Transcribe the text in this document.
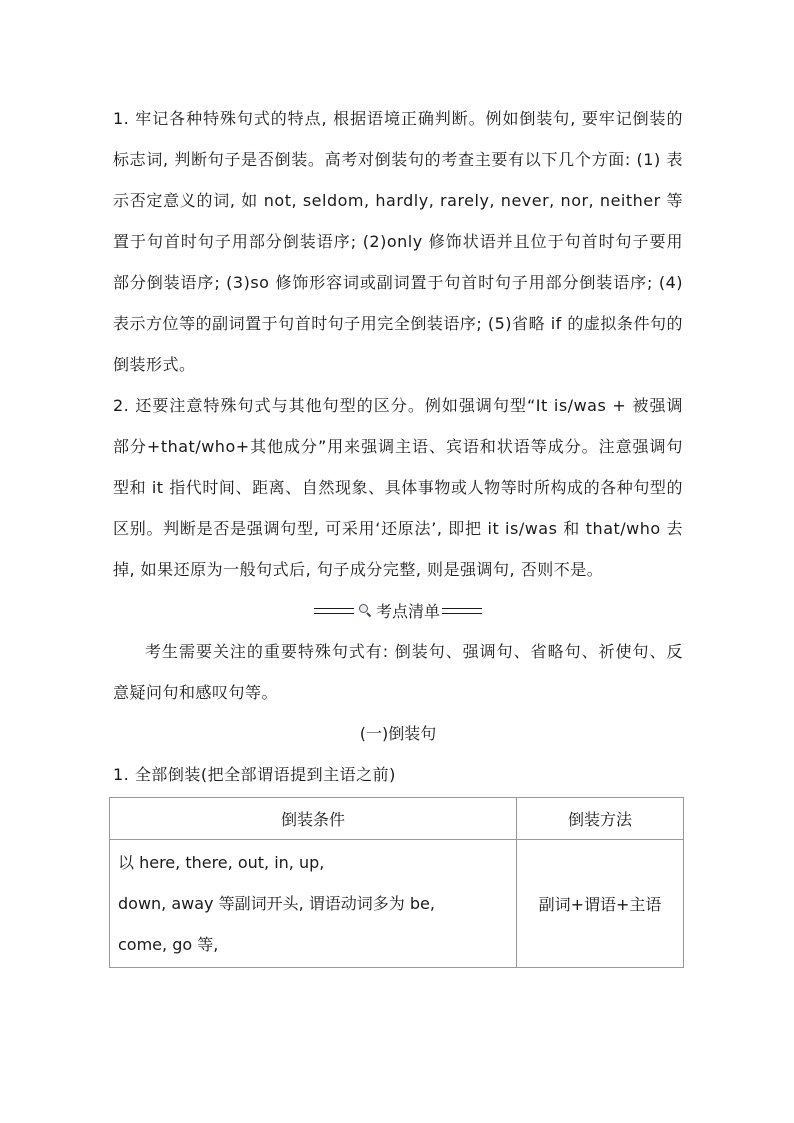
1. 牢记各种特殊句式的特点, 根据语境正确判断。例如倒装句, 要牢记倒装的标志词, 判断句子是否倒装。高考对倒装句的考查主要有以下几个方面: (1) 表示否定意义的词, 如 not, seldom, hardly, rarely, never, nor, neither 等置于句首时句子用部分倒装语序; (2)only 修饰状语并且位于句首时句子要用部分倒装语序; (3)so 修饰形容词或副词置于句首时句子用部分倒装语序; (4)表示方位等的副词置于句首时句子用完全倒装语序; (5)省略 if 的虚拟条件句的倒装形式。

2. 还要注意特殊句式与其他句型的区分。例如强调句型“It is/was + 被强调部分+that/who+其他成分”用来强调主语、宾语和状语等成分。注意强调句型和 it 指代时间、距离、自然现象、具体事物或人物等时所构成的各种句型的区别。判断是否是强调句型, 可采用‘还原法’, 即把 it is/was 和 that/who 去掉, 如果还原为一般句式后, 句子成分完整, 则是强调句, 否则不是。

考点清单

考生需要关注的重要特殊句式有: 倒装句、强调句、省略句、祈使句、反意疑问句和感叹句等。

(一)倒装句

1. 全部倒装(把全部谓语提到主语之前)

倒装条件	倒装方法

以 here, there, out, in, up,
down, away 等副词开头, 谓语动词多为 be,
come, go 等,	副词+谓语+主语
